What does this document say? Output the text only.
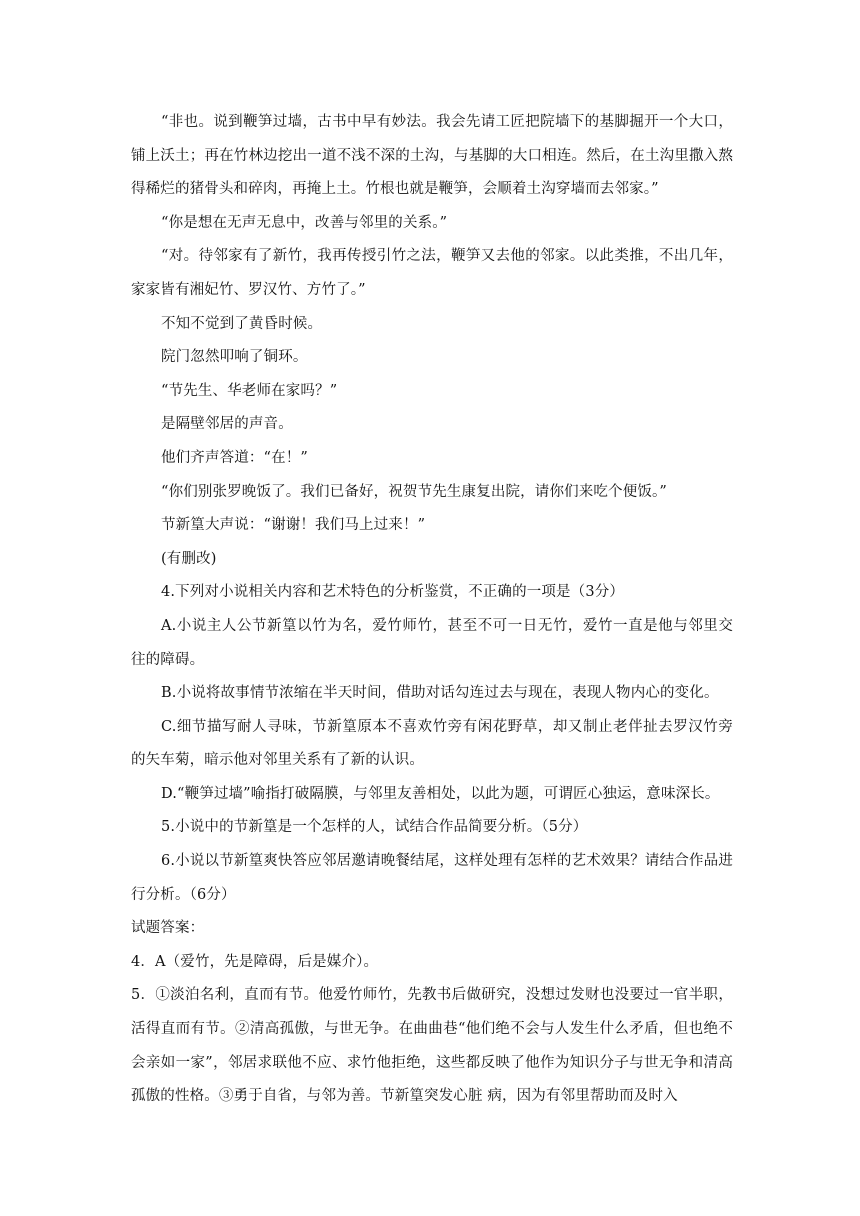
“非也。说到鞭笋过墙，古书中早有妙法。我会先请工匠把院墙下的基脚掘开一个大口，铺上沃土；再在竹林边挖出一道不浅不深的土沟，与基脚的大口相连。然后，在土沟里撒入熬得稀烂的猪骨头和碎肉，再掩上土。竹根也就是鞭笋，会顺着土沟穿墙而去邻家。”

“你是想在无声无息中，改善与邻里的关系。”

“对。待邻家有了新竹，我再传授引竹之法，鞭笋又去他的邻家。以此类推，不出几年，家家皆有湘妃竹、罗汉竹、方竹了。”

不知不觉到了黄昏时候。

院门忽然叩响了铜环。

“节先生、华老师在家吗？”

是隔壁邻居的声音。

他们齐声答道：“在！”

“你们别张罗晚饭了。我们已备好，祝贺节先生康复出院，请你们来吃个便饭。”

节新篁大声说：“谢谢！我们马上过来！”

(有删改)

4.下列对小说相关内容和艺术特色的分析鉴赏，不正确的一项是（3分）

A.小说主人公节新篁以竹为名，爱竹师竹，甚至不可一日无竹，爱竹一直是他与邻里交往的障碍。

B.小说将故事情节浓缩在半天时间，借助对话勾连过去与现在，表现人物内心的变化。

C.细节描写耐人寻味，节新篁原本不喜欢竹旁有闲花野草，却又制止老伴扯去罗汉竹旁的矢车菊，暗示他对邻里关系有了新的认识。

D.“鞭笋过墙”喻指打破隔膜，与邻里友善相处，以此为题，可谓匠心独运，意味深长。

5.小说中的节新篁是一个怎样的人，试结合作品简要分析。（5分）

6.小说以节新篁爽快答应邻居邀请晚餐结尾，这样处理有怎样的艺术效果？请结合作品进 行分析。（6分）

试题答案：

4．A（爱竹，先是障碍，后是媒介）。

5．①淡泊名利，直而有节。他爱竹师竹，先教书后做研究，没想过发财也没要过一官半职，活得直而有节。②清高孤傲，与世无争。在曲曲巷“他们绝不会与人发生什么矛盾，但也绝不会亲如一家”，邻居求联他不应、求竹他拒绝，这些都反映了他作为知识分子与世无争和清高孤傲的性格。③勇于自省，与邻为善。节新篁突发心脏 病，因为有邻里帮助而及时入
